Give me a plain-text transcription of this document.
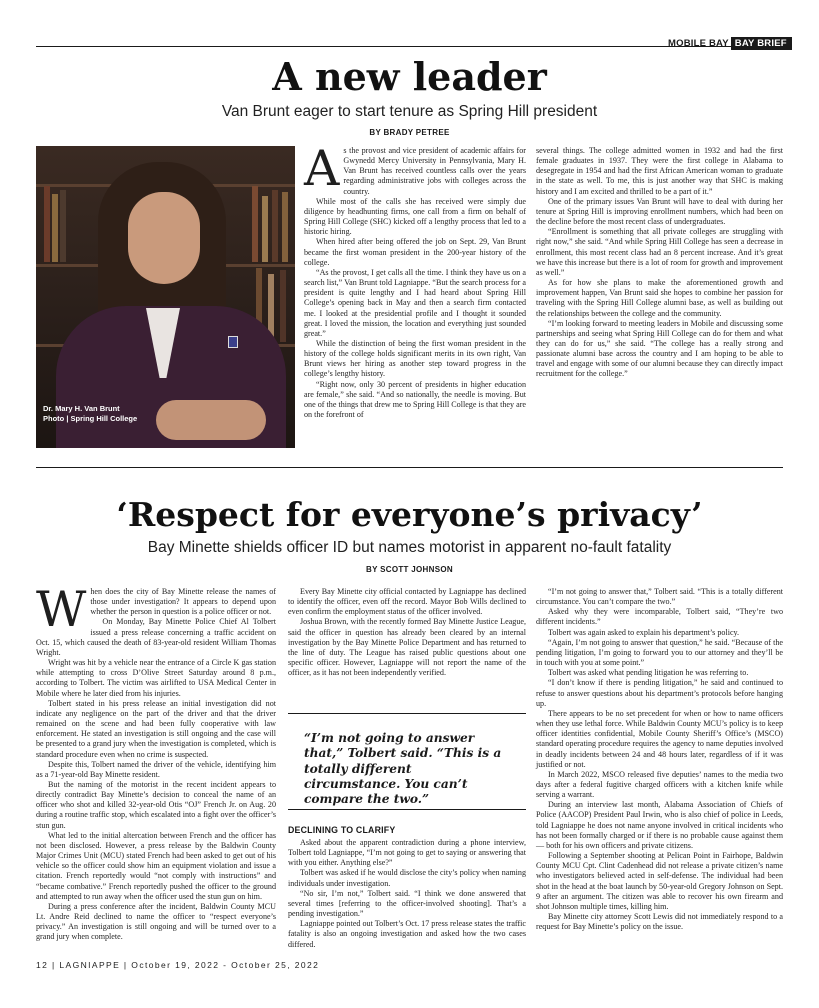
MOBILE BAY BAY BRIEF
A new leader
Van Brunt eager to start tenure as Spring Hill president
BY BRADY PETREE
Dr. Mary H. Van Brunt
Photo | Spring Hill College
A s the provost and vice president of academic affairs for Gwynedd Mercy University in Pennsylvania, Mary H. Van Brunt has received countless calls over the years regarding administrative jobs with colleges across the country.

While most of the calls she has received were simply due diligence by headhunting firms, one call from a firm on behalf of Spring Hill College (SHC) kicked off a lengthy process that led to a historic hiring.

When hired after being offered the job on Sept. 29, Van Brunt became the first woman president in the 200-year history of the college.

“As the provost, I get calls all the time. I think they have us on a search list,” Van Brunt told Lagniappe. “But the search process for a president is quite lengthy and I had heard about Spring Hill College’s opening back in May and then a search firm contacted me. I looked at the presidential profile and I thought it sounded great. I loved the mission, the location and everything just sounded great.”

While the distinction of being the first woman president in the history of the college holds significant merits in its own right, Van Brunt views her hiring as another step toward progress in the college’s lengthy history.

“Right now, only 30 percent of presidents in higher education are female,” she said. “And so nationally, the needle is moving. But one of the things that drew me to Spring Hill College is that they are on the forefront of

several things. The college admitted women in 1932 and had the first female graduates in 1937. They were the first college in Alabama to desegregate in 1954 and had the first African American woman to graduate in the state as well. To me, this is just another way that SHC is making history and I am excited and thrilled to be a part of it.”

One of the primary issues Van Brunt will have to deal with during her tenure at Spring Hill is improving enrollment numbers, which had been on the decline before the most recent class of undergraduates.

“Enrollment is something that all private colleges are struggling with right now,” she said. “And while Spring Hill College has seen a decrease in enrollment, this most recent class had an 8 percent increase. And it’s great we have this increase but there is a lot of room for growth and improvement as well.”

As for how she plans to make the aforementioned growth and improvement happen, Van Brunt said she hopes to combine her passion for traveling with the Spring Hill College alumni base, as well as building out the relationships between the college and the community.

“I’m looking forward to meeting leaders in Mobile and discussing some partnerships and seeing what Spring Hill College can do for them and what they can do for us,” she said. “The college has a really strong and passionate alumni base across the country and I am hoping to be able to travel and engage with some of our alumni because they can directly impact recruitment for the college.”

‘Respect for everyone’s privacy’
Bay Minette shields officer ID but names motorist in apparent no-fault fatality
BY SCOTT JOHNSON
W hen does the city of Bay Minette release the names of those under investigation? It appears to depend upon whether the person in question is a police officer or not.

On Monday, Bay Minette Police Chief Al Tolbert issued a press release concerning a traffic accident on Oct. 15, which caused the death of 83-year-old resident William Thomas Wright.

Wright was hit by a vehicle near the entrance of a Circle K gas station while attempting to cross D’Olive Street Saturday around 8 p.m., according to Tolbert. The victim was airlifted to USA Medical Center in Mobile where he later died from his injuries.

Tolbert stated in his press release an initial investigation did not indicate any negligence on the part of the driver and that the driver remained on the scene and had been fully cooperative with law enforcement. He stated an investigation is still ongoing and the case will be presented to a grand jury when the investigation is completed, which is standard procedure even when no crime is suspected.

Despite this, Tolbert named the driver of the vehicle, identifying him as a 71-year-old Bay Minette resident.

But the naming of the motorist in the recent incident appears to directly contradict Bay Minette’s decision to conceal the name of an officer who shot and killed 32-year-old Otis “OJ” French Jr. on Aug. 20 during a routine traffic stop, which escalated into a fight over the officer’s stun gun.

What led to the initial altercation between French and the officer has not been disclosed. However, a press release by the Baldwin County Major Crimes Unit (MCU) stated French had been asked to get out of his vehicle so the officer could show him an equipment violation and issue a citation. French reportedly would “not comply with instructions” and “became combative.” French reportedly pushed the officer to the ground and attempted to run away when the officer used the stun gun on him.

During a press conference after the incident, Baldwin County MCU Lt. Andre Reid declined to name the officer to “respect everyone’s privacy.” An investigation is still ongoing and will be turned over to a grand jury when complete.

Every Bay Minette city official contacted by Lagniappe has declined to identify the officer, even off the record. Mayor Bob Wills declined to even confirm the employment status of the officer involved.

Joshua Brown, with the recently formed Bay Minette Justice League, said the officer in question has already been cleared by an internal investigation by the Bay Minette Police Department and has returned to the line of duty. The League has raised public questions about one specific officer. However, Lagniappe will not report the name of the officer, as it has not been independently verified.

“I’m not going to answer that,” Tolbert said. “This is a totally different circumstance. You can’t compare the two.”
DECLINING TO CLARIFY

Asked about the apparent contradiction during a phone interview, Tolbert told Lagniappe, “I’m not going to get to saying or answering that with you either. Anything else?”

Tolbert was asked if he would disclose the city’s policy when naming individuals under investigation.

“No sir, I’m not,” Tolbert said. “I think we done answered that several times [referring to the officer-involved shooting]. That’s a pending investigation.”

Lagniappe pointed out Tolbert’s Oct. 17 press release states the traffic fatality is also an ongoing investigation and asked how the two cases differed.

“I’m not going to answer that,” Tolbert said. “This is a totally different circumstance. You can’t compare the two.”

Asked why they were incomparable, Tolbert said, “They’re two different incidents.”

Tolbert was again asked to explain his department’s policy.

“Again, I’m not going to answer that question,” he said. “Because of the pending litigation, I’m going to forward you to our attorney and they’ll be in touch with you at some point.”

Tolbert was asked what pending litigation he was referring to.

“I don’t know if there is pending litigation,” he said and continued to refuse to answer questions about his department’s protocols before hanging up.

There appears to be no set precedent for when or how to name officers when they use lethal force. While Baldwin County MCU’s policy is to keep officer identities confidential, Mobile County Sheriff’s Office’s (MSCO) standard operating procedure requires the agency to name deputies involved in deadly incidents between 24 and 48 hours later, regardless of if it was justified or not.

In March 2022, MSCO released five deputies’ names to the media two days after a federal fugitive charged officers with a kitchen knife while serving a warrant.

During an interview last month, Alabama Association of Chiefs of Police (AACOP) President Paul Irwin, who is also chief of police in Leeds, told Lagniappe he does not name anyone involved in critical incidents who has not been formally charged or if there is no probable cause against them — both for his own officers and private citizens.

Following a September shooting at Pelican Point in Fairhope, Baldwin County MCU Cpt. Clint Cadenhead did not release a private citizen’s name who investigators believed acted in self-defense. The individual had been shot in the head at the boat launch by 50-year-old Gregory Johnson on Sept. 9 after an argument. The citizen was able to recover his own firearm and shot Johnson multiple times, killing him.

Bay Minette city attorney Scott Lewis did not immediately respond to a request for Bay Minette’s policy on the issue.

12 | LAGNIAPPE | October 19, 2022 - October 25, 2022
